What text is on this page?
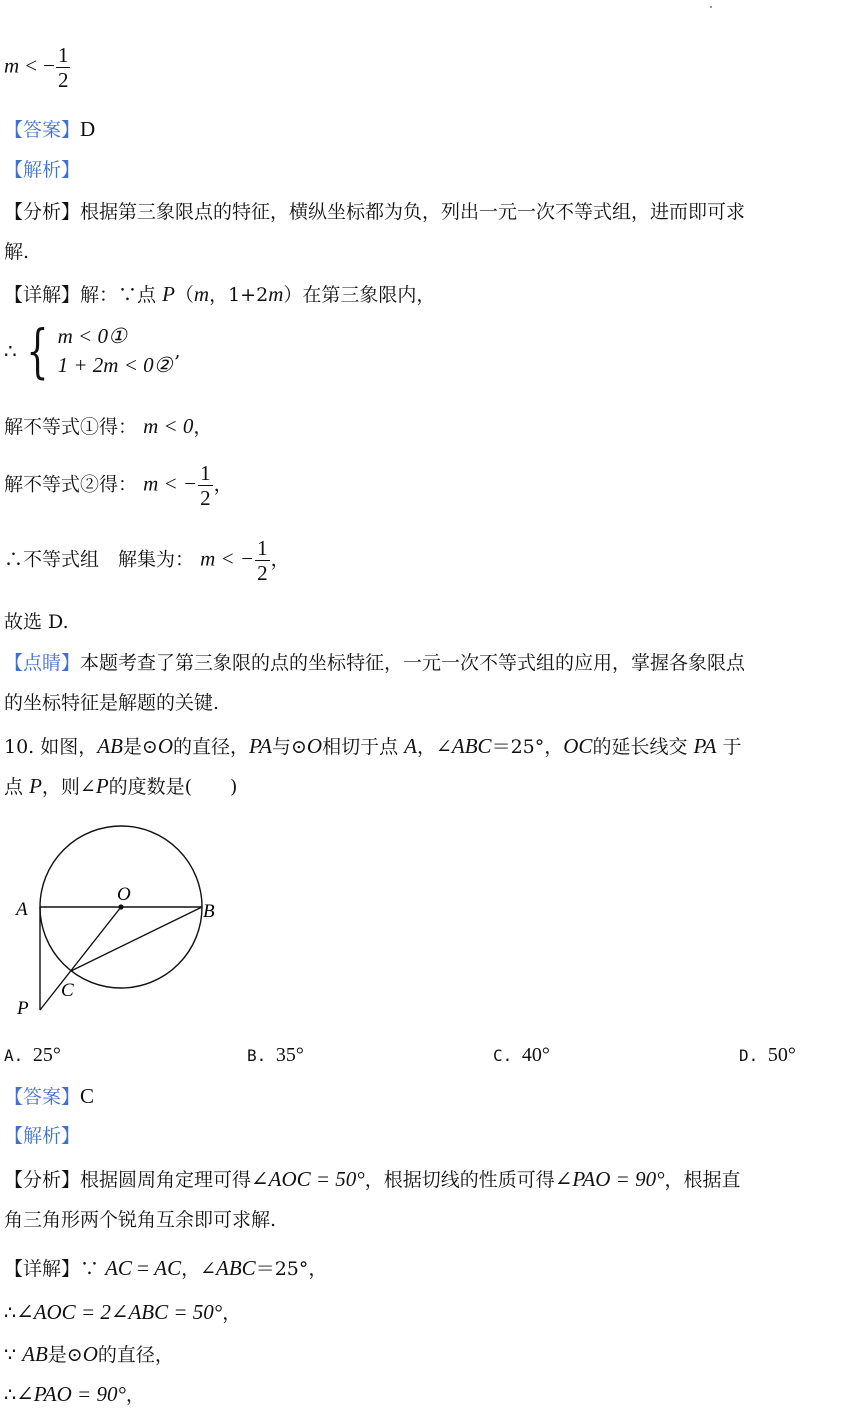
m < − $\frac{1}{2}$
【答案】D
【解析】
【分析】根据第三象限点的特征，横纵坐标都为负，列出一元一次不等式组，进而即可求
解.
【详解】解：∵点 P（m，1+2m）在第三象限内，
∴ { m < 0①
1 + 2m < 0②
,
解不等式①得： m < 0，
解不等式②得： m < − $\frac{1}{2}$ ，
∴不等式组　 解集为： m < − $\frac{1}{2}$ ，
故选 D.
【点睛】本题考查了第三象限的点的坐标特征，一元一次不等式组的应用，掌握各象限点
的坐标特征是解题的关键.
10. 如图，AB是⊙O的直径，PA与⊙O相切于点 A，∠ABC＝25°，OC的延长线交 PA 于
点 P，则∠P的度数是(　　)
A	B
O
C
P
A. 25°	B. 35°	C. 40°	D. 50°
【答案】C
【解析】
【分析】根据圆周角定理可得∠AOC = 50°，根据切线的性质可得∠PAO = 90°，根据直
角三角形两个锐角互余即可求解.
【详解】∵ AC = AC，∠ABC＝25°，
∴∠AOC = 2∠ABC = 50°，
∵ AB是⊙O的直径，
∴∠PAO = 90°，
